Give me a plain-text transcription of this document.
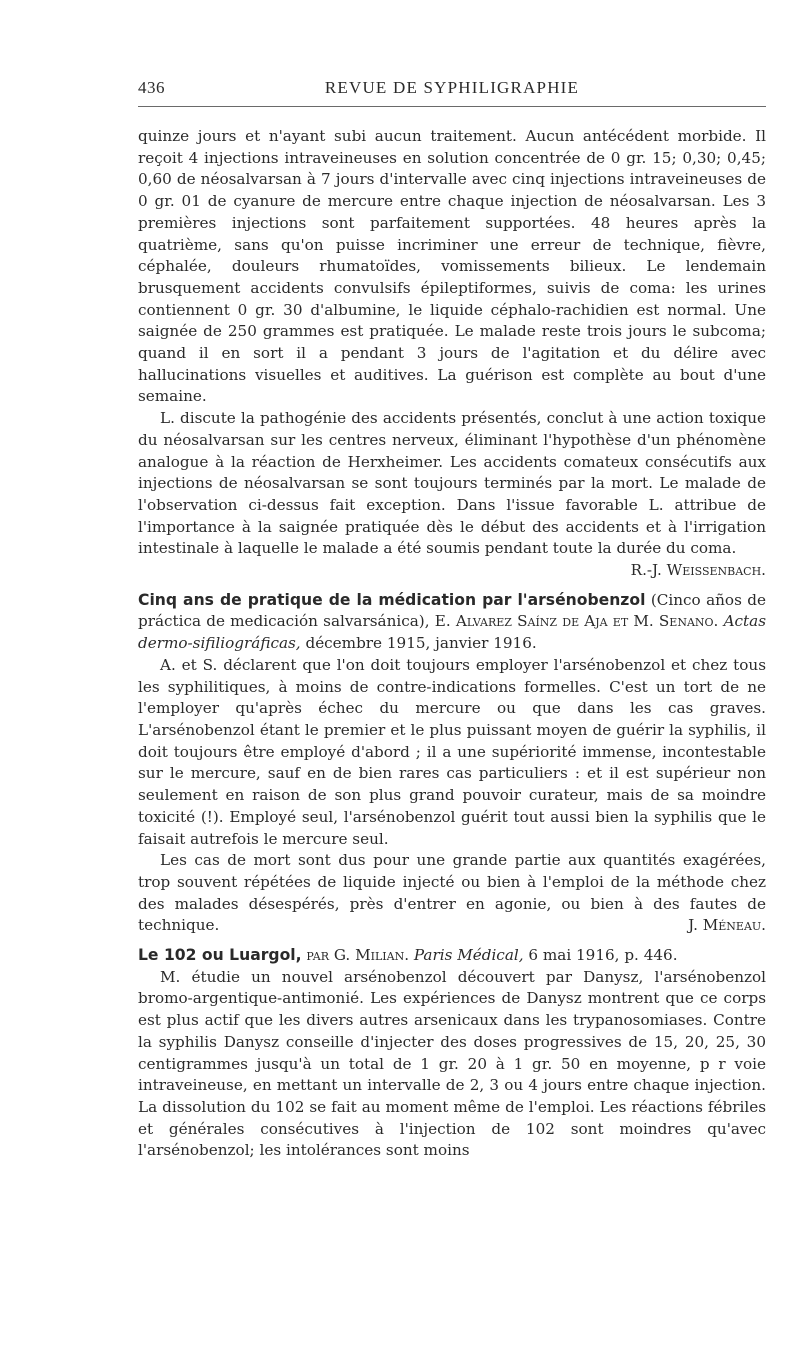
436	REVUE DE SYPHILIGRAPHIE

quinze jours et n'ayant subi aucun traitement. Aucun antécédent morbide. Il reçoit 4 injections intraveineuses en solution concentrée de 0 gr. 15; 0,30; 0,45; 0,60 de néosalvarsan à 7 jours d'intervalle avec cinq injections intraveineuses de 0 gr. 01 de cyanure de mercure entre chaque injection de néosalvarsan. Les 3 premières injections sont parfaitement supportées. 48 heures après la quatrième, sans qu'on puisse incriminer une erreur de technique, fièvre, céphalée, douleurs rhumatoïdes, vomissements bilieux. Le lendemain brusquement accidents convulsifs épileptiformes, suivis de coma: les urines contiennent 0 gr. 30 d'albumine, le liquide céphalo-rachidien est normal. Une saignée de 250 grammes est pratiquée. Le malade reste trois jours le subcoma; quand il en sort il a pendant 3 jours de l'agitation et du délire avec hallucinations visuelles et auditives. La guérison est complète au bout d'une semaine.

L. discute la pathogénie des accidents présentés, conclut à une action toxique du néosalvarsan sur les centres nerveux, éliminant l'hypothèse d'un phénomène analogue à la réaction de Herxheimer. Les accidents comateux consécutifs aux injections de néosalvarsan se sont toujours terminés par la mort. Le malade de l'observation ci-dessus fait exception. Dans l'issue favorable L. attribue de l'importance à la saignée pratiquée dès le début des accidents et à l'irrigation intestinale à laquelle le malade a été soumis pendant toute la durée du coma.
R.-J. Weissenbach.

Cinq ans de pratique de la médication par l'arsénobenzol (Cinco años de práctica de medicación salvarsánica), E. Alvarez Saínz de Aja et M. Senano. Actas dermo-sifiliográficas, décembre 1915, janvier 1916.

A. et S. déclarent que l'on doit toujours employer l'arsénobenzol et chez tous les syphilitiques, à moins de contre-indications formelles. C'est un tort de ne l'employer qu'après échec du mercure ou que dans les cas graves. L'arsénobenzol étant le premier et le plus puissant moyen de guérir la syphilis, il doit toujours être employé d'abord ; il a une supériorité immense, incontestable sur le mercure, sauf en de bien rares cas particuliers : et il est supérieur non seulement en raison de son plus grand pouvoir curateur, mais de sa moindre toxicité (!). Employé seul, l'arsénobenzol guérit tout aussi bien la syphilis que le faisait autrefois le mercure seul.

Les cas de mort sont dus pour une grande partie aux quantités exagérées, trop souvent répétées de liquide injecté ou bien à l'emploi de la méthode chez des malades désespérés, près d'entrer en agonie, ou bien à des fautes de technique.	J. Méneau.

Le 102 ou Luargol, par G. Milian. Paris Médical, 6 mai 1916, p. 446.

M. étudie un nouvel arsénobenzol découvert par Danysz, l'arsénobenzol bromo-argentique-antimonié. Les expériences de Danysz montrent que ce corps est plus actif que les divers autres arsenicaux dans les trypanosomiases. Contre la syphilis Danysz conseille d'injecter des doses progressives de 15, 20, 25, 30 centigrammes jusqu'à un total de 1 gr. 20 à 1 gr. 50 en moyenne, p r voie intraveineuse, en mettant un intervalle de 2, 3 ou 4 jours entre chaque injection. La dissolution du 102 se fait au moment même de l'emploi. Les réactions fébriles et générales consécutives à l'injection de 102 sont moindres qu'avec l'arsénobenzol; les intolérances sont moins
